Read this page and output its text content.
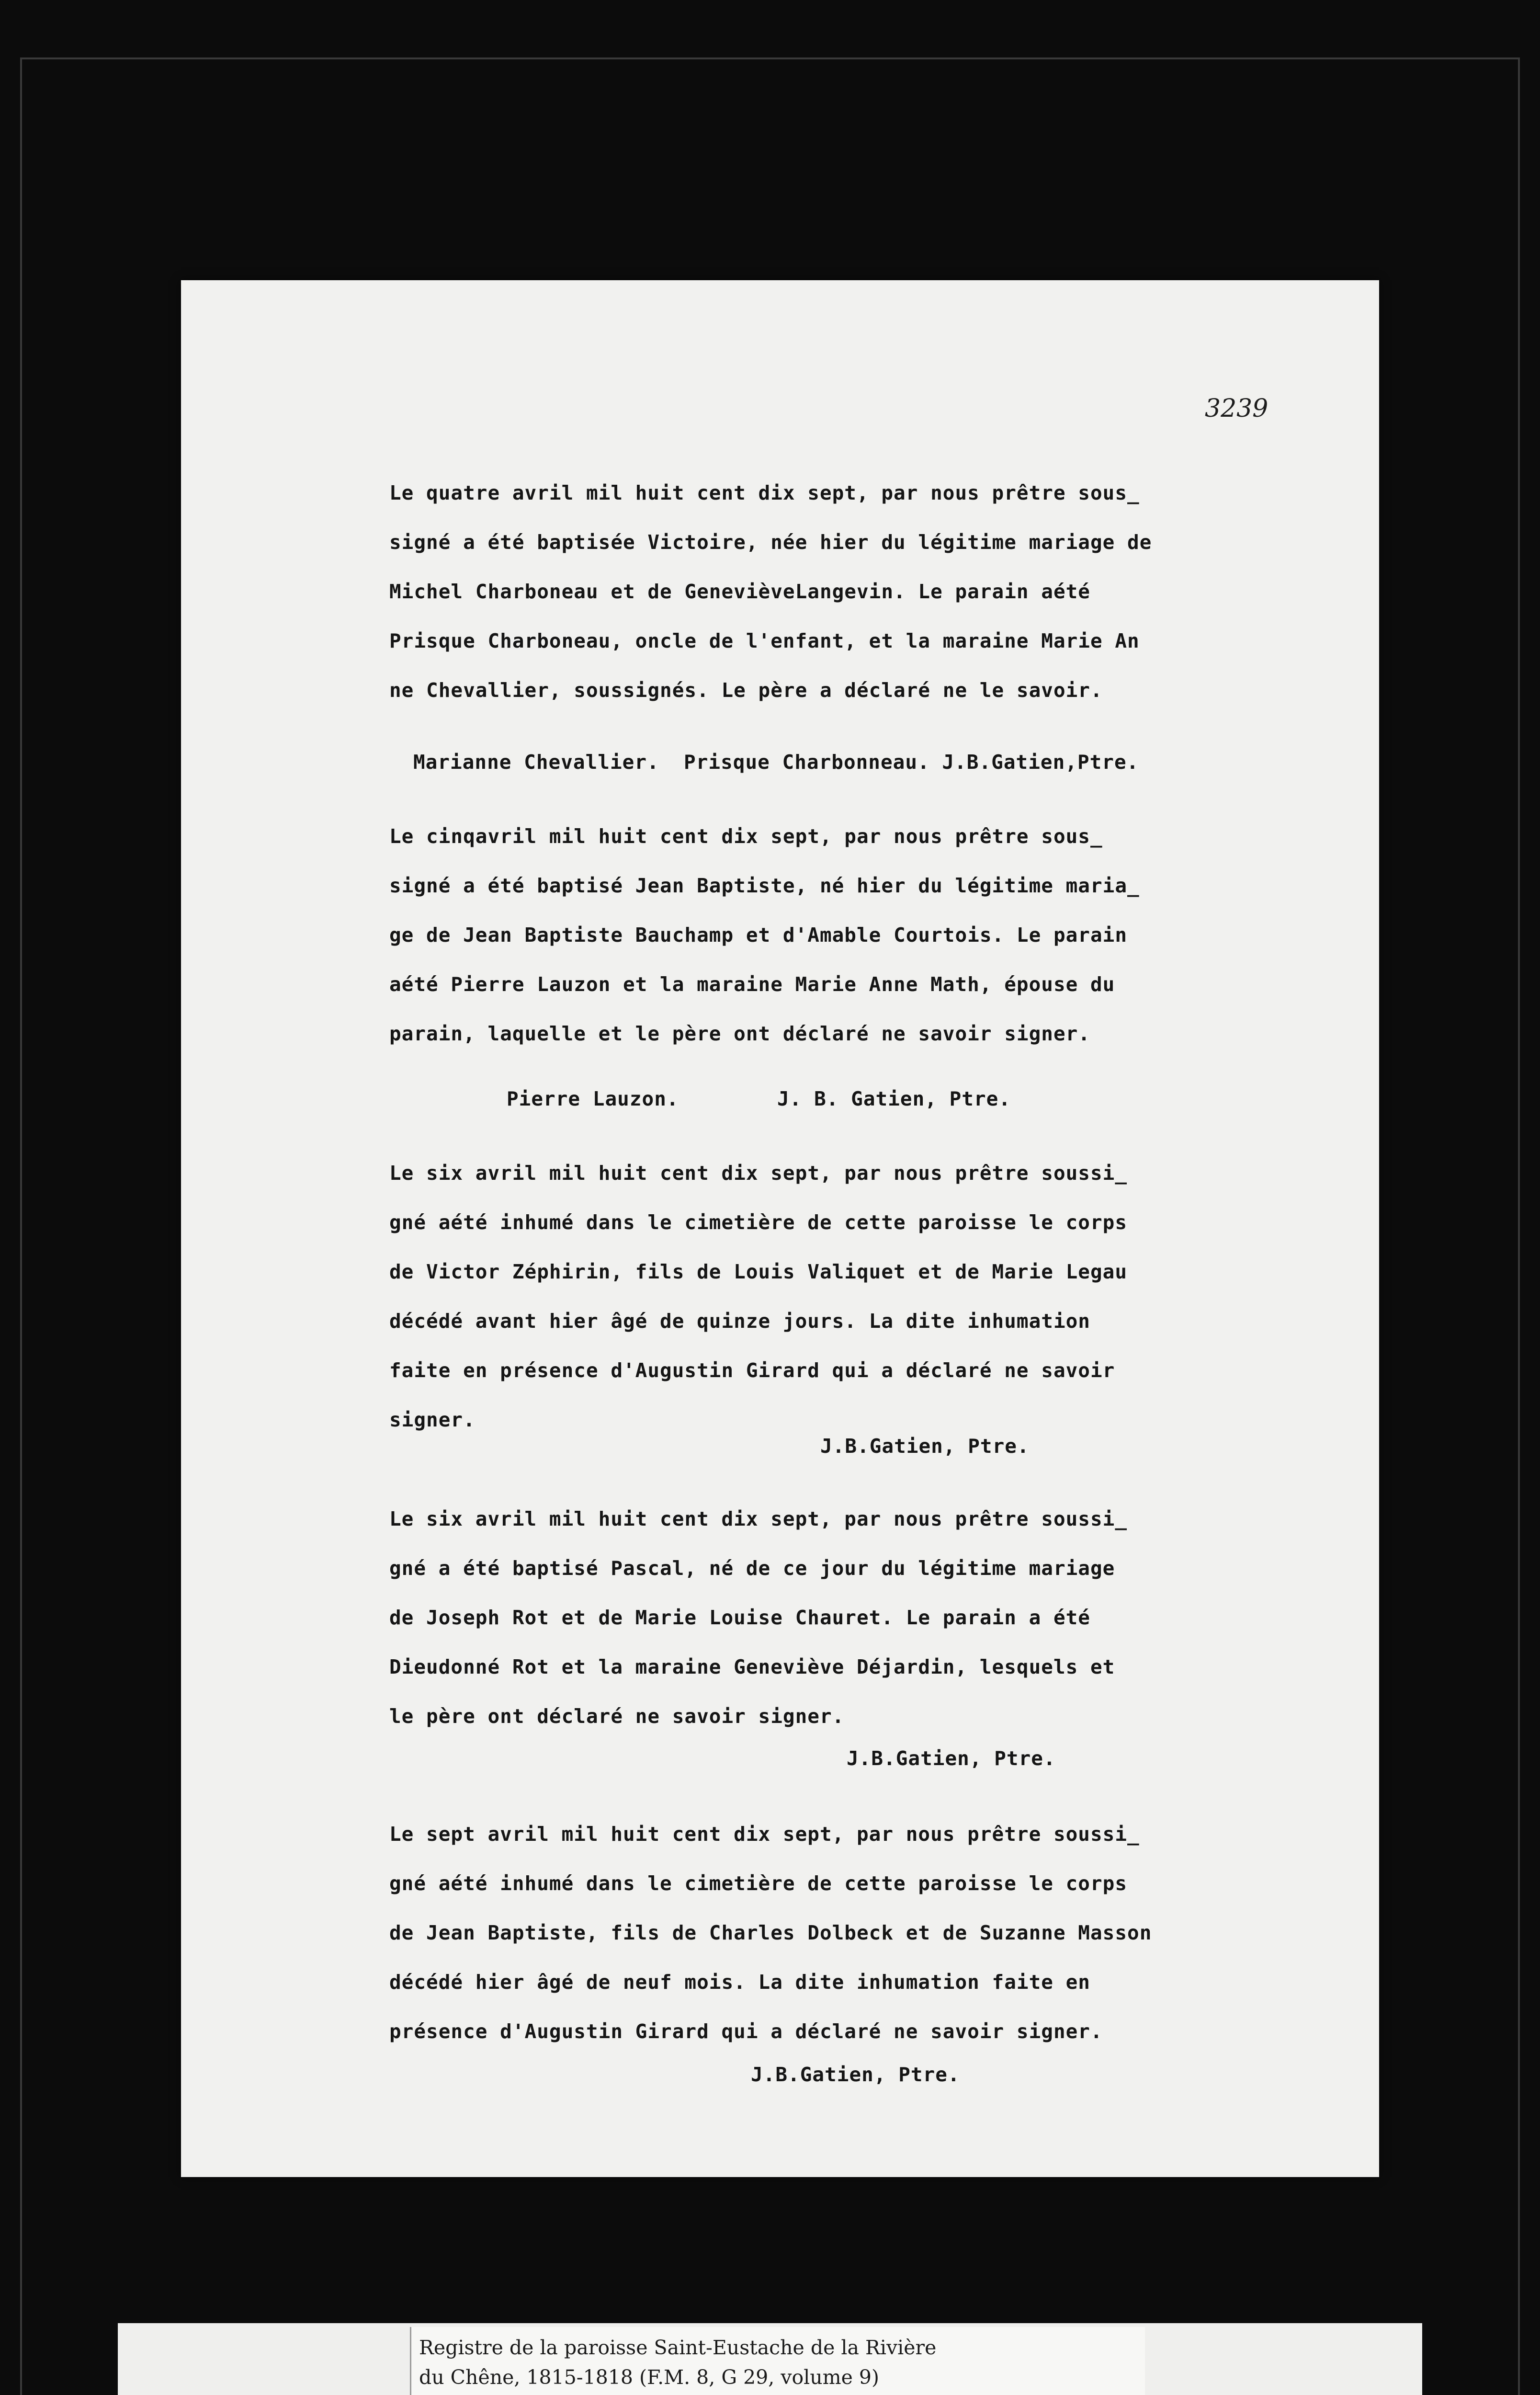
3239

Le quatre avril mil huit cent dix sept, par nous prêtre sous_

signé a été baptisée Victoire, née hier du légitime mariage de

Michel Charboneau et de GenevièveLangevin. Le parain aété

Prisque Charboneau, oncle de l'enfant, et la maraine Marie An

ne Chevallier, soussignés. Le père a déclaré ne le savoir.

Marianne Chevallier.  Prisque Charbonneau. J.B.Gatien,Ptre.

Le cinqavril mil huit cent dix sept, par nous prêtre sous_

signé a été baptisé Jean Baptiste, né hier du légitime maria_

ge de Jean Baptiste Bauchamp et d'Amable Courtois. Le parain

aété Pierre Lauzon et la maraine Marie Anne Math, épouse du

parain, laquelle et le père ont déclaré ne savoir signer.

Pierre Lauzon.        J. B. Gatien, Ptre.

Le six avril mil huit cent dix sept, par nous prêtre soussi_

gné aété inhumé dans le cimetière de cette paroisse le corps

de Victor Zéphirin, fils de Louis Valiquet et de Marie Legau

décédé avant hier âgé de quinze jours. La dite inhumation

faite en présence d'Augustin Girard qui a déclaré ne savoir

signer.

J.B.Gatien, Ptre.

Le six avril mil huit cent dix sept, par nous prêtre soussi_

gné a été baptisé Pascal, né de ce jour du légitime mariage

de Joseph Rot et de Marie Louise Chauret. Le parain a été

Dieudonné Rot et la maraine Geneviève Déjardin, lesquels et

le père ont déclaré ne savoir signer.

J.B.Gatien, Ptre.

Le sept avril mil huit cent dix sept, par nous prêtre soussi_

gné aété inhumé dans le cimetière de cette paroisse le corps

de Jean Baptiste, fils de Charles Dolbeck et de Suzanne Masson

décédé hier âgé de neuf mois. La dite inhumation faite en

présence d'Augustin Girard qui a déclaré ne savoir signer.

J.B.Gatien, Ptre.

Registre de la paroisse Saint-Eustache de la Rivière
du Chêne, 1815-1818 (F.M. 8, G 29, volume 9)
